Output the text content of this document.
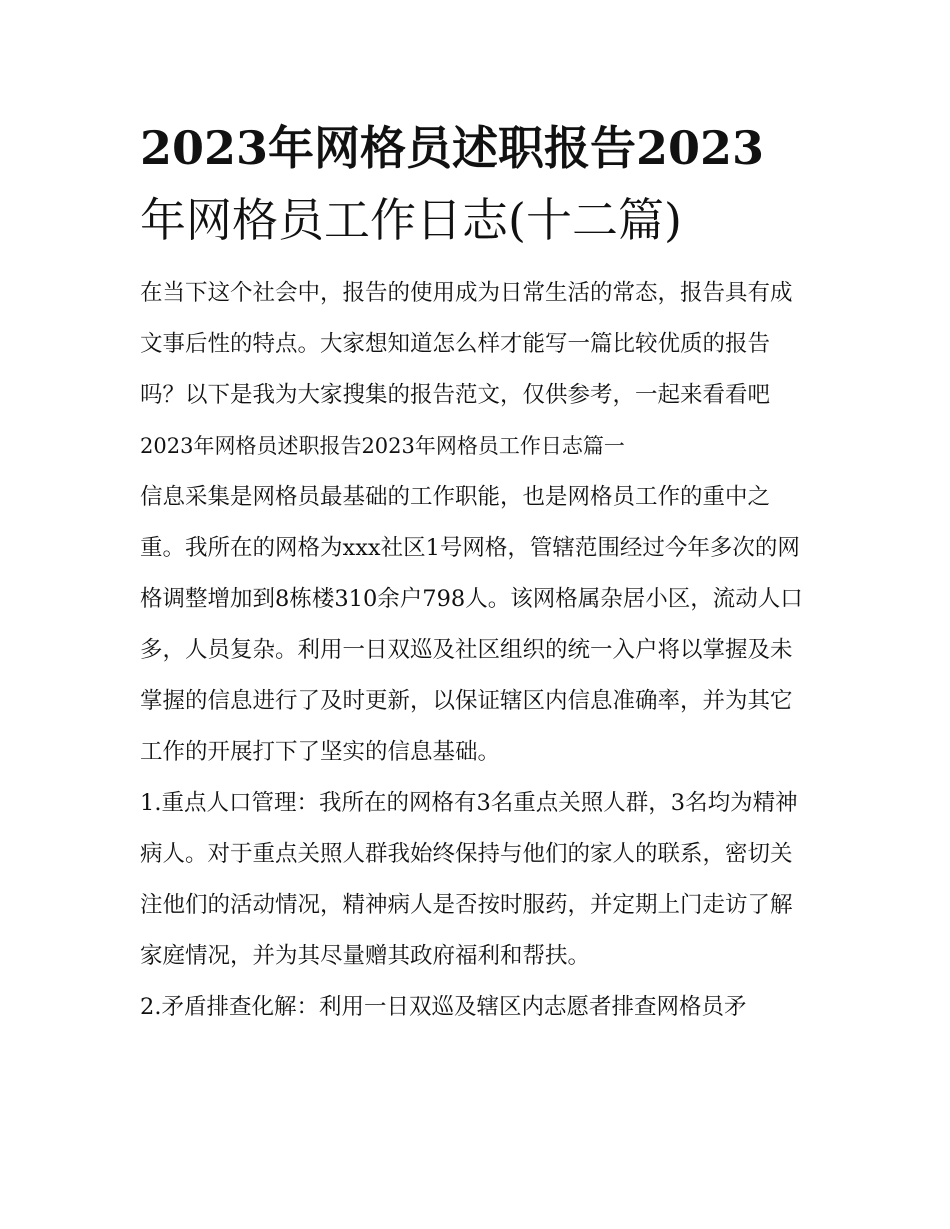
2023年网格员述职报告2023
年网格员工作日志(十二篇)

在当下这个社会中，报告的使用成为日常生活的常态，报告具有成文事后性的特点。大家想知道怎么样才能写一篇比较优质的报告吗？以下是我为大家搜集的报告范文，仅供参考，一起来看看吧

2023年网格员述职报告2023年网格员工作日志篇一

信息采集是网格员最基础的工作职能，也是网格员工作的重中之重。我所在的网格为xxx社区1号网格，管辖范围经过今年多次的网格调整增加到8栋楼310余户798人。该网格属杂居小区，流动人口多，人员复杂。利用一日双巡及社区组织的统一入户将以掌握及未掌握的信息进行了及时更新，以保证辖区内信息准确率，并为其它工作的开展打下了坚实的信息基础。

1.重点人口管理：我所在的网格有3名重点关照人群，3名均为精神病人。对于重点关照人群我始终保持与他们的家人的联系，密切关注他们的活动情况，精神病人是否按时服药，并定期上门走访了解家庭情况，并为其尽量赠其政府福利和帮扶。

2.矛盾排查化解：利用一日双巡及辖区内志愿者排查网格员矛
